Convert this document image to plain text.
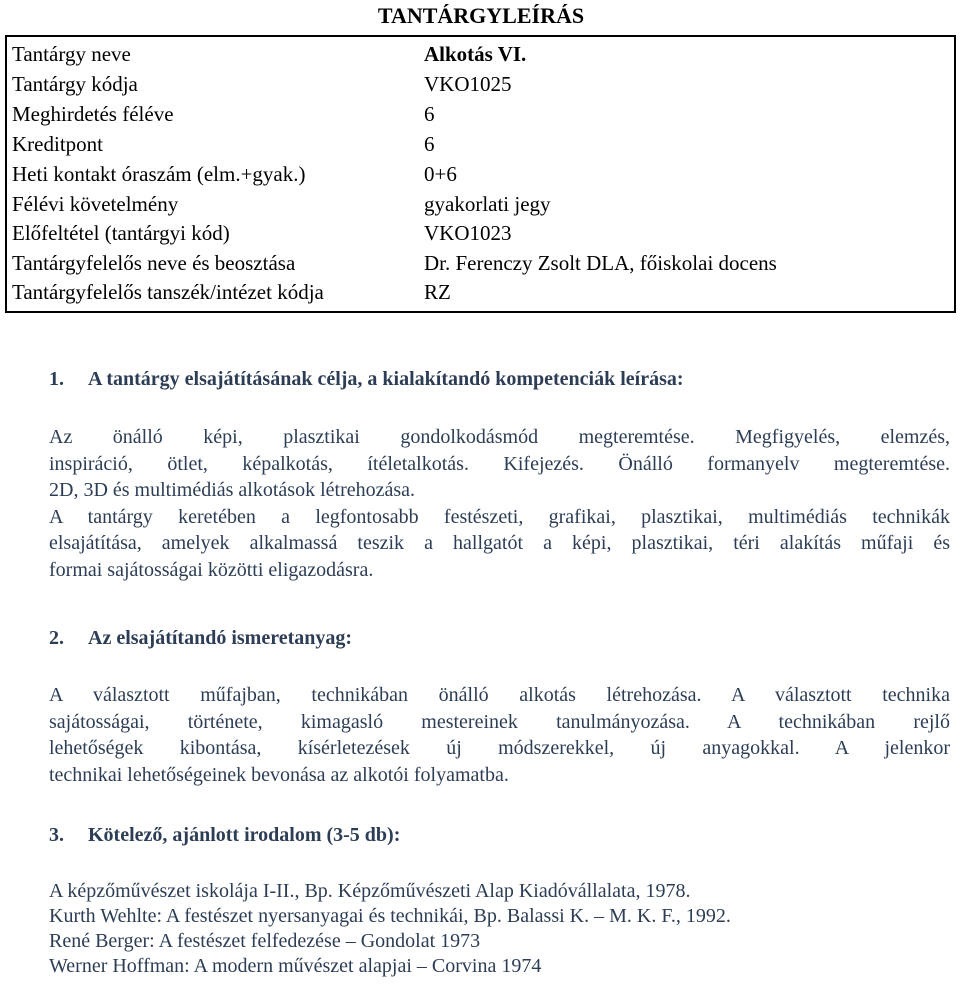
TANTÁRGYLEÍRÁS
Tantárgy neve	Alkotás VI.
Tantárgy kódja	VKO1025
Meghirdetés féléve	6
Kreditpont	6
Heti kontakt óraszám (elm.+gyak.)	0+6
Félévi követelmény	gyakorlati jegy
Előfeltétel (tantárgyi kód)	VKO1023
Tantárgyfelelős neve és beosztása	Dr. Ferenczy Zsolt DLA, főiskolai docens
Tantárgyfelelős tanszék/intézet kódja	RZ
1. A tantárgy elsajátításának célja, a kialakítandó kompetenciák leírása:

Az önálló képi, plasztikai gondolkodásmód megteremtése. Megfigyelés, elemzés,

inspiráció, ötlet, képalkotás, ítéletalkotás. Kifejezés. Önálló formanyelv megteremtése.

2D, 3D és multimédiás alkotások létrehozása.

A tantárgy keretében a legfontosabb festészeti, grafikai, plasztikai, multimédiás technikák

elsajátítása, amelyek alkalmassá teszik a hallgatót a képi, plasztikai, téri alakítás műfaji és

formai sajátosságai közötti eligazodásra.

2. Az elsajátítandó ismeretanyag:

A választott műfajban, technikában önálló alkotás létrehozása. A választott technika

sajátosságai, története, kimagasló mestereinek tanulmányozása. A technikában rejlő

lehetőségek kibontása, kísérletezések új módszerekkel, új anyagokkal. A jelenkor

technikai lehetőségeinek bevonása az alkotói folyamatba.

3. Kötelező, ajánlott irodalom (3-5 db):
A képzőművészet iskolája I-II., Bp. Képzőművészeti Alap Kiadóvállalata, 1978.
Kurth Wehlte: A festészet nyersanyagai és technikái, Bp. Balassi K. – M. K. F., 1992.
René Berger: A festészet felfedezése – Gondolat 1973
Werner Hoffman: A modern művészet alapjai – Corvina 1974
